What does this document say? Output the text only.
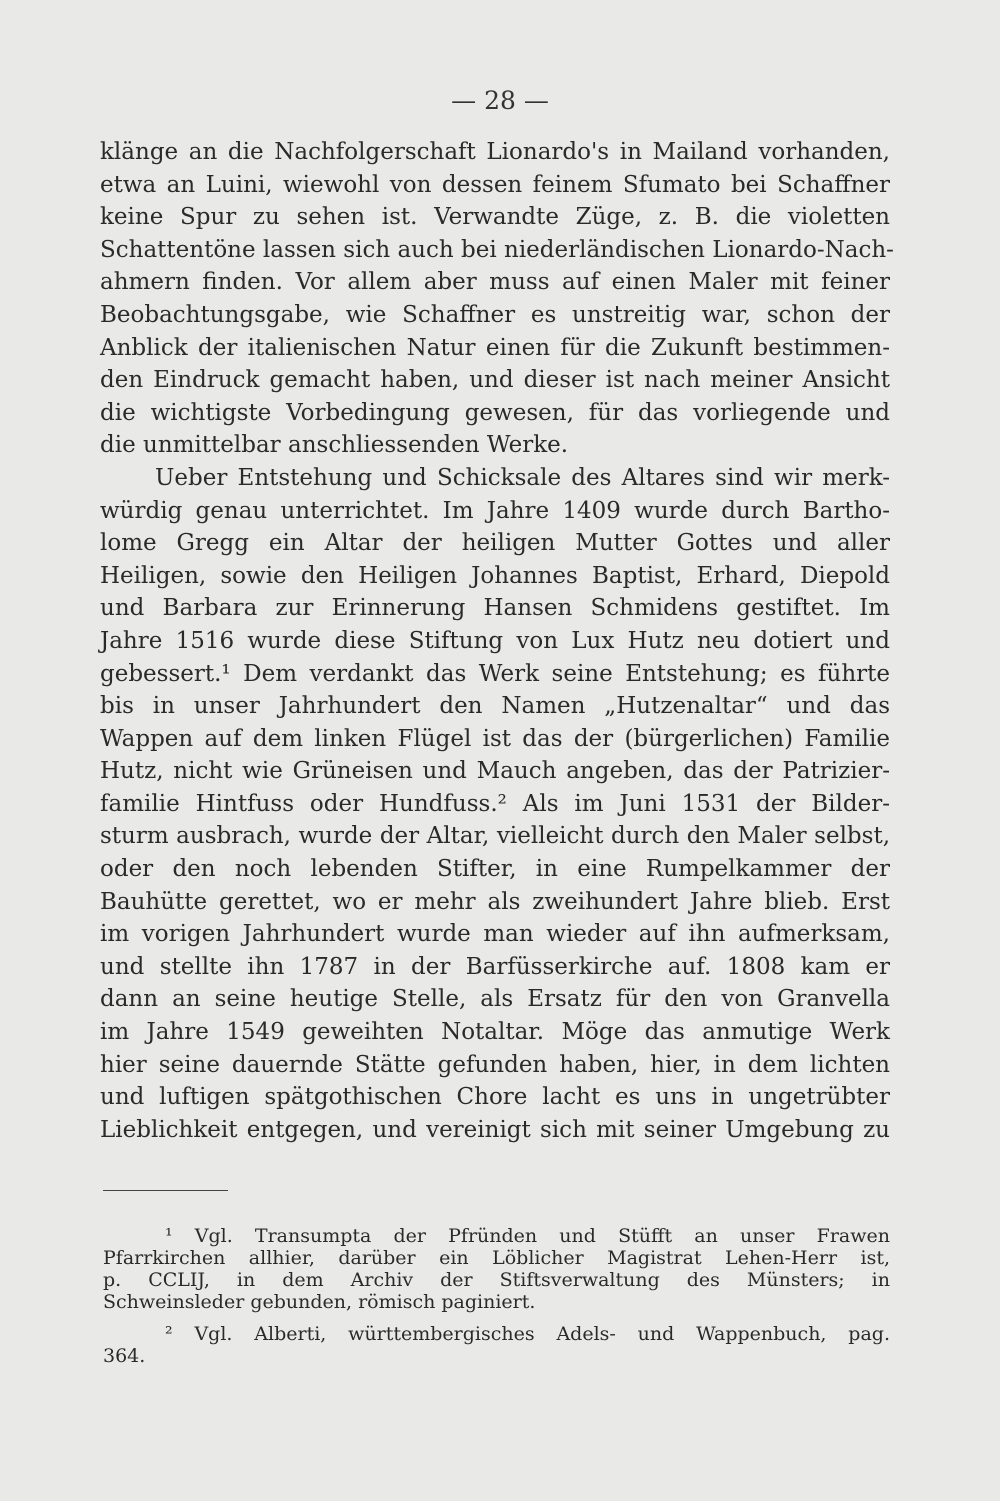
— 28 —
klänge an die Nachfolgerschaft Lionardo's in Mailand vorhanden,
etwa an Luini, wiewohl von dessen feinem Sfumato bei Schaffner
keine Spur zu sehen ist. Verwandte Züge, z. B. die violetten
Schattentöne lassen sich auch bei niederländischen Lionardo-Nach-
ahmern finden. Vor allem aber muss auf einen Maler mit feiner
Beobachtungsgabe, wie Schaffner es unstreitig war, schon der
Anblick der italienischen Natur einen für die Zukunft bestimmen-
den Eindruck gemacht haben, und dieser ist nach meiner Ansicht
die wichtigste Vorbedingung gewesen, für das vorliegende und
die unmittelbar anschliessenden Werke.
Ueber Entstehung und Schicksale des Altares sind wir merk-
würdig genau unterrichtet. Im Jahre 1409 wurde durch Bartho-
lome Gregg ein Altar der heiligen Mutter Gottes und aller
Heiligen, sowie den Heiligen Johannes Baptist, Erhard, Diepold
und Barbara zur Erinnerung Hansen Schmidens gestiftet. Im
Jahre 1516 wurde diese Stiftung von Lux Hutz neu dotiert und
gebessert.¹ Dem verdankt das Werk seine Entstehung; es führte
bis in unser Jahrhundert den Namen „Hutzenaltar“ und das
Wappen auf dem linken Flügel ist das der (bürgerlichen) Familie
Hutz, nicht wie Grüneisen und Mauch angeben, das der Patrizier-
familie Hintfuss oder Hundfuss.² Als im Juni 1531 der Bilder-
sturm ausbrach, wurde der Altar, vielleicht durch den Maler selbst,
oder den noch lebenden Stifter, in eine Rumpelkammer der
Bauhütte gerettet, wo er mehr als zweihundert Jahre blieb. Erst
im vorigen Jahrhundert wurde man wieder auf ihn aufmerksam,
und stellte ihn 1787 in der Barfüsserkirche auf. 1808 kam er
dann an seine heutige Stelle, als Ersatz für den von Granvella
im Jahre 1549 geweihten Notaltar. Möge das anmutige Werk
hier seine dauernde Stätte gefunden haben, hier, in dem lichten
und luftigen spätgothischen Chore lacht es uns in ungetrübter
Lieblichkeit entgegen, und vereinigt sich mit seiner Umgebung zu
¹ Vgl. Transumpta der Pfründen und Stüfft an unser Frawen
Pfarrkirchen allhier, darüber ein Löblicher Magistrat Lehen-Herr ist,
p. CCLIJ, in dem Archiv der Stiftsverwaltung des Münsters; in
Schweinsleder gebunden, römisch paginiert.
² Vgl. Alberti, württembergisches Adels- und Wappenbuch, pag.
364.
